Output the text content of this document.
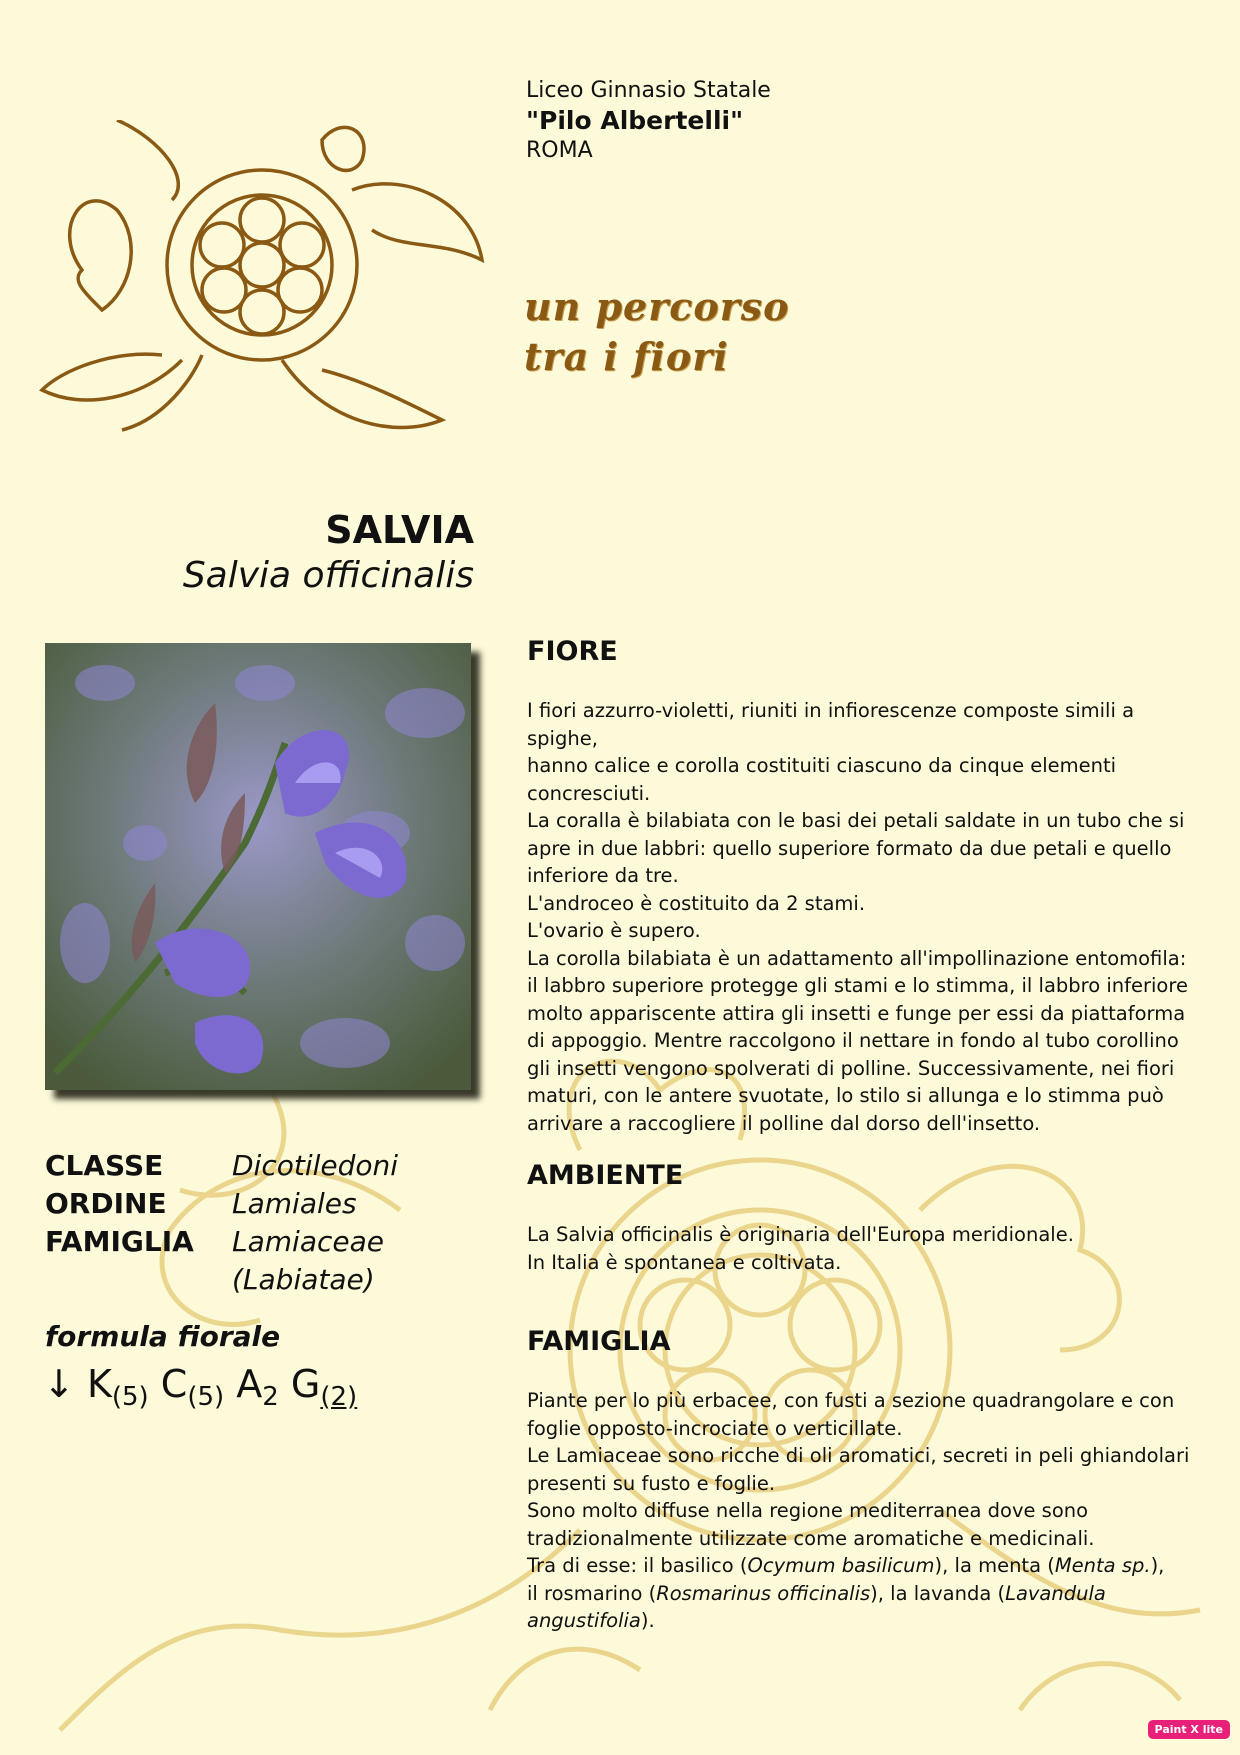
Liceo Ginnasio Statale
"Pilo Albertelli"
ROMA
un percorso
tra i fiori
SALVIA
Salvia officinalis
CLASSE	Dicotiledoni
ORDINE	Lamiales
FAMIGLIA	Lamiaceae
(Labiatae)
formula fiorale
↓ $K_{(5)}$ $C_{(5)}$ $A_2$ $G_{(2)}$
FIORE
I fiori azzurro-violetti, riuniti in infiorescenze composte simili a spighe,
hanno calice e corolla costituiti ciascuno da cinque elementi
concresciuti.
La coralla è bilabiata con le basi dei petali saldate in un tubo che si
apre in due labbri: quello superiore formato da due petali e quello
inferiore da tre.
L'androceo è costituito da 2 stami.
L'ovario è supero.
La corolla bilabiata è un adattamento all'impollinazione entomofila:
il labbro superiore protegge gli stami e lo stimma, il labbro inferiore
molto appariscente attira gli insetti e funge per essi da piattaforma
di appoggio. Mentre raccolgono il nettare in fondo al tubo corollino
gli insetti vengono spolverati di polline. Successivamente, nei fiori
maturi, con le antere svuotate, lo stilo si allunga e lo stimma può
arrivare a raccogliere il polline dal dorso dell'insetto.
AMBIENTE
La Salvia officinalis è originaria dell'Europa meridionale.
In Italia è spontanea e coltivata.
FAMIGLIA
Piante per lo più erbacee, con fusti a sezione quadrangolare e con
foglie opposto-incrociate o verticillate.
Le Lamiaceae sono ricche di oli aromatici, secreti in peli ghiandolari
presenti su fusto e foglie.
Sono molto diffuse nella regione mediterranea dove sono
tradizionalmente utilizzate come aromatiche e medicinali.
Tra di esse: il basilico (Ocymum basilicum), la menta (Menta sp.),
il rosmarino (Rosmarinus officinalis), la lavanda (Lavandula
angustifolia).
Paint X lite
